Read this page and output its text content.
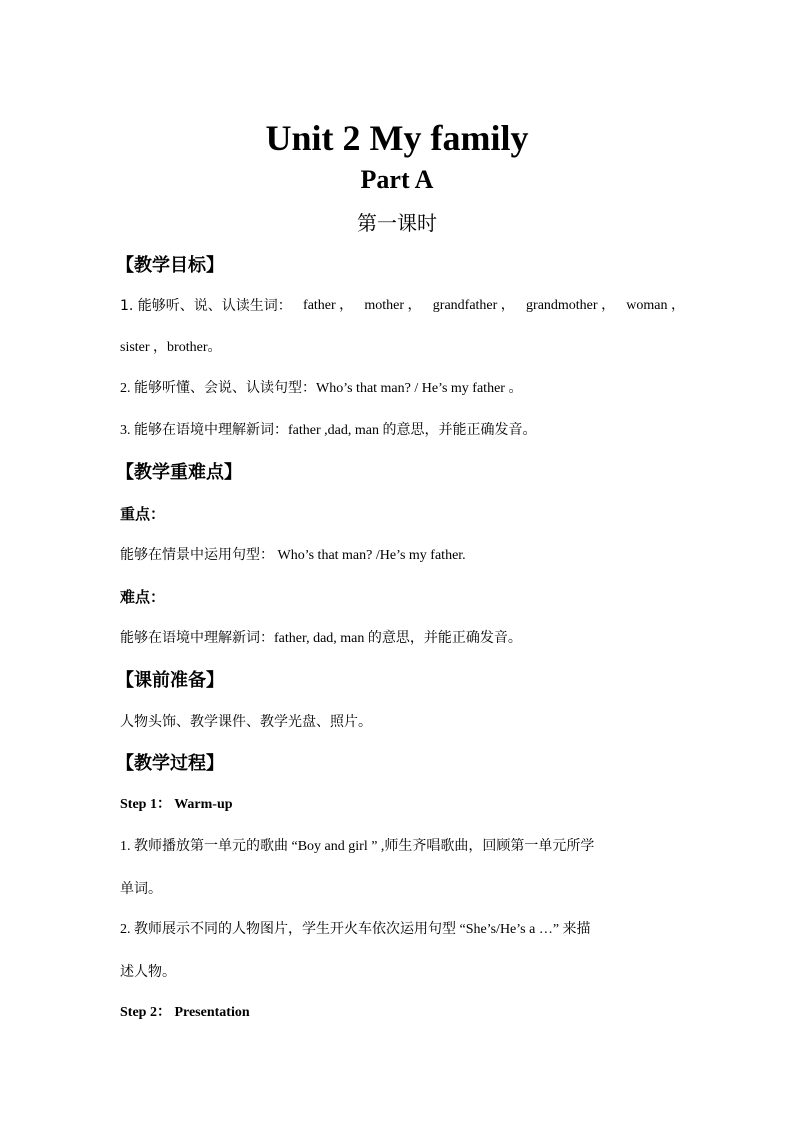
Unit 2 My family
Part A
第一课时
【教学目标】
1. 能够听、说、认读生词： father ， mother ， grandfather ， grandmother ， woman ，
sister ，brother。
2. 能够听懂、会说、认读句型：Who’s that man? / He’s my father 。
3. 能够在语境中理解新词：father ,dad, man 的意思，并能正确发音。
【教学重难点】
重点：
能够在情景中运用句型： Who’s that man? /He’s my father.
难点：
能够在语境中理解新词：father, dad, man 的意思，并能正确发音。
【课前准备】
人物头饰、教学课件、教学光盘、照片。
【教学过程】
Step 1： Warm-up
1. 教师播放第一单元的歌曲 “Boy and girl ” ,师生齐唱歌曲，回顾第一单元所学
单词。
2. 教师展示不同的人物图片，学生开火车依次运用句型 “She’s/He’s a …” 来描
述人物。
Step 2： Presentation
